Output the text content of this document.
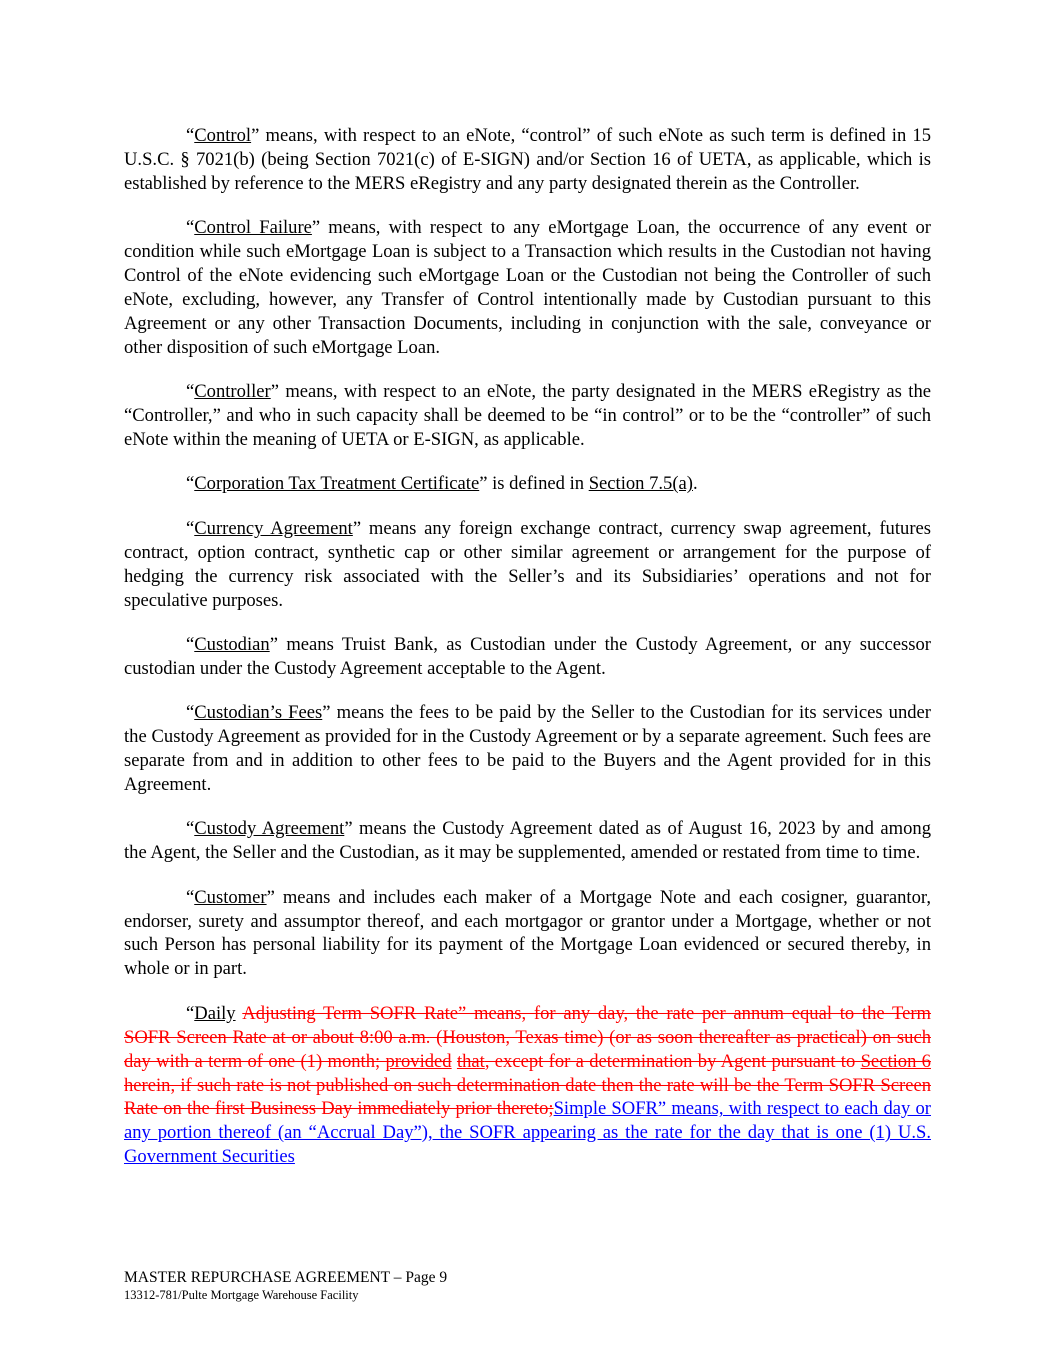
“Control” means, with respect to an eNote, “control” of such eNote as such term is defined in 15 U.S.C. § 7021(b) (being Section 7021(c) of E-SIGN) and/or Section 16 of UETA, as applicable, which is established by reference to the MERS eRegistry and any party designated therein as the Controller.

“Control Failure” means, with respect to any eMortgage Loan, the occurrence of any event or condition while such eMortgage Loan is subject to a Transaction which results in the Custodian not having Control of the eNote evidencing such eMortgage Loan or the Custodian not being the Controller of such eNote, excluding, however, any Transfer of Control intentionally made by Custodian pursuant to this Agreement or any other Transaction Documents, including in conjunction with the sale, conveyance or other disposition of such eMortgage Loan.

“Controller” means, with respect to an eNote, the party designated in the MERS eRegistry as the “Controller,” and who in such capacity shall be deemed to be “in control” or to be the “controller” of such eNote within the meaning of UETA or E-SIGN, as applicable.

“Corporation Tax Treatment Certificate” is defined in Section 7.5(a).

“Currency Agreement” means any foreign exchange contract, currency swap agreement, futures contract, option contract, synthetic cap or other similar agreement or arrangement for the purpose of hedging the currency risk associated with the Seller’s and its Subsidiaries’ operations and not for speculative purposes.

“Custodian” means Truist Bank, as Custodian under the Custody Agreement, or any successor custodian under the Custody Agreement acceptable to the Agent.

“Custodian’s Fees” means the fees to be paid by the Seller to the Custodian for its services under the Custody Agreement as provided for in the Custody Agreement or by a separate agreement. Such fees are separate from and in addition to other fees to be paid to the Buyers and the Agent provided for in this Agreement.

“Custody Agreement” means the Custody Agreement dated as of August 16, 2023 by and among the Agent, the Seller and the Custodian, as it may be supplemented, amended or restated from time to time.

“Customer” means and includes each maker of a Mortgage Note and each cosigner, guarantor, endorser, surety and assumptor thereof, and each mortgagor or grantor under a Mortgage, whether or not such Person has personal liability for its payment of the Mortgage Loan evidenced or secured thereby, in whole or in part.

“Daily Adjusting Term SOFR Rate” means, for any day, the rate per annum equal to the Term SOFR Screen Rate at or about 8:00 a.m. (Houston, Texas time) (or as soon thereafter as practical) on such day with a term of one (1) month; provided that, except for a determination by Agent pursuant to Section 6 herein, if such rate is not published on such determination date then the rate will be the Term SOFR Screen Rate on the first Business Day immediately prior thereto;Simple SOFR” means, with respect to each day or any portion thereof (an “Accrual Day”), the SOFR appearing as the rate for the day that is one (1) U.S. Government Securities

MASTER REPURCHASE AGREEMENT – Page 9

13312-781/Pulte Mortgage Warehouse Facility
